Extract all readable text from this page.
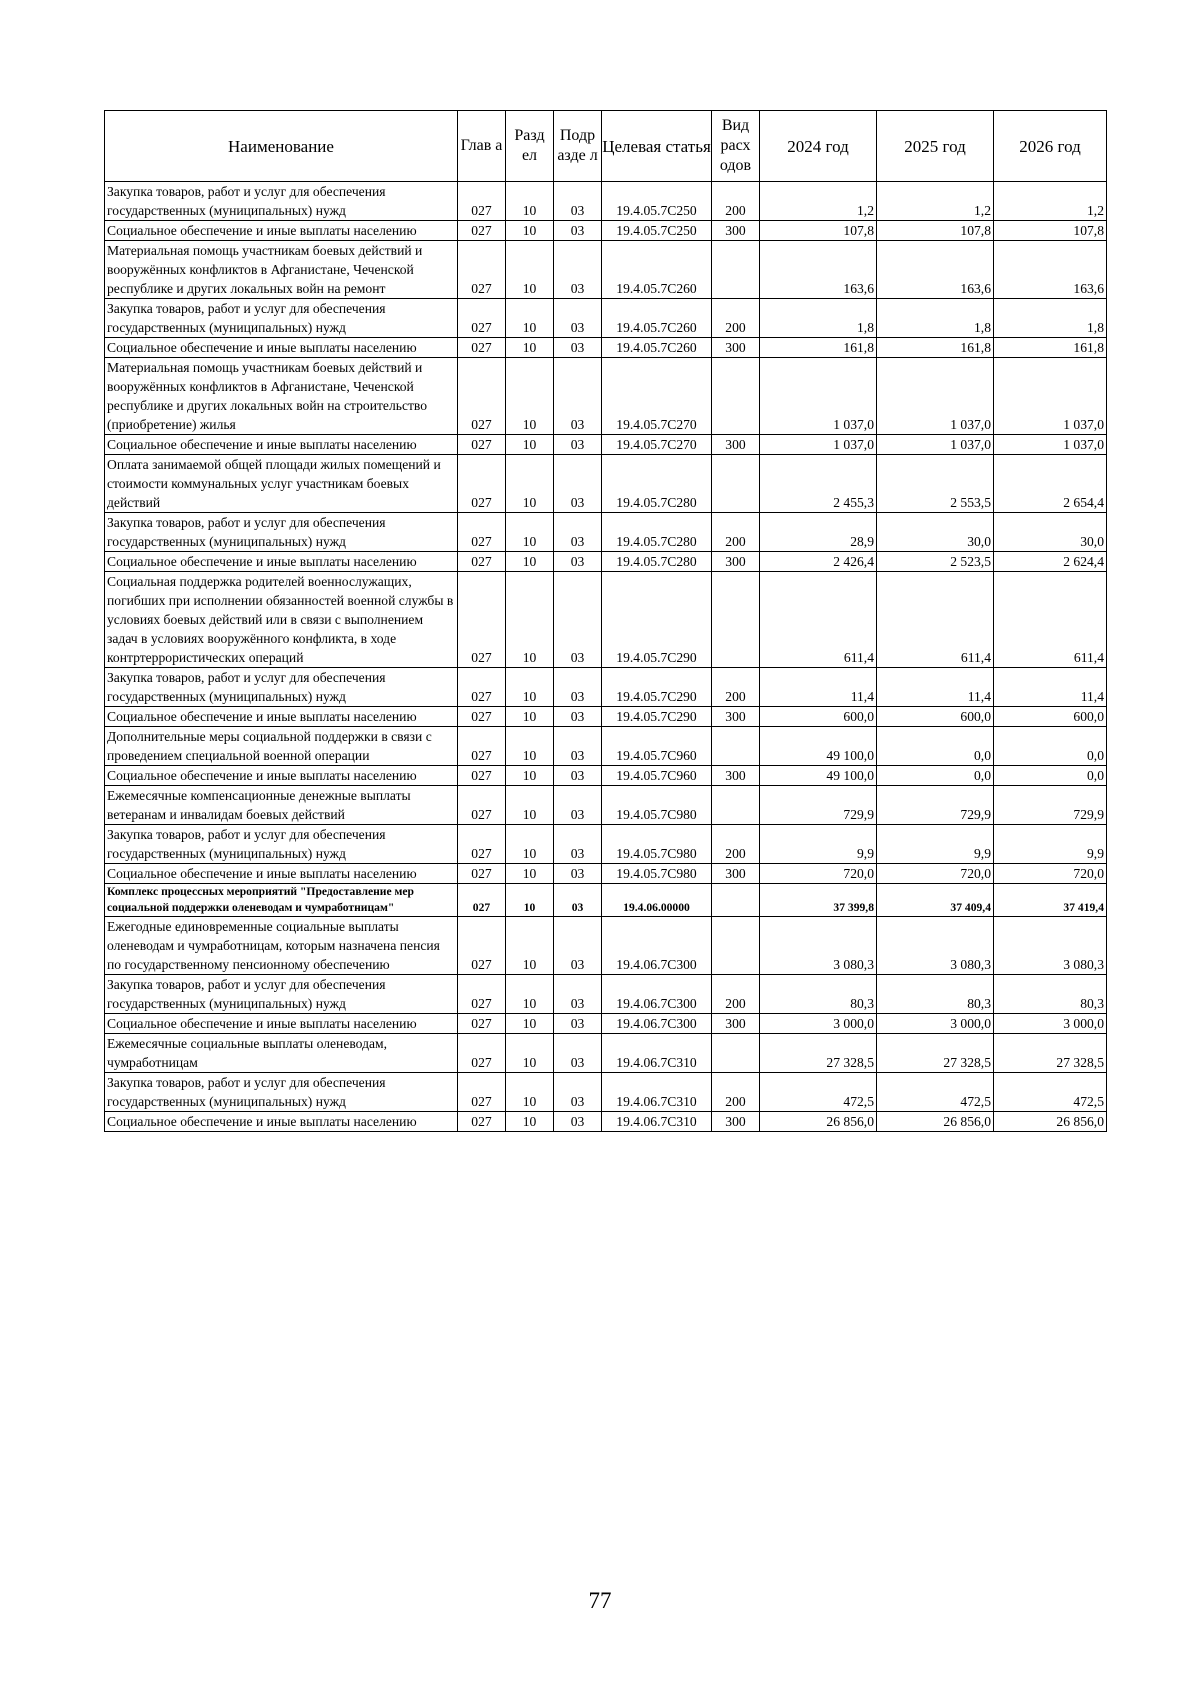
Наименование	Глав а	Разд ел	Подр азде л	Целевая статья	Вид расх одов	2024 год	2025 год	2026 год
Закупка товаров, работ и услуг для обеспечения государственных (муниципальных) нужд	027	10	03	19.4.05.7C250	200	1,2	1,2	1,2
Социальное обеспечение и иные выплаты населению	027	10	03	19.4.05.7C250	300	107,8	107,8	107,8
Материальная помощь участникам боевых действий и вооружённых конфликтов в Афганистане, Чеченской республике и других локальных войн на ремонт	027	10	03	19.4.05.7C260		163,6	163,6	163,6
Закупка товаров, работ и услуг для обеспечения государственных (муниципальных) нужд	027	10	03	19.4.05.7C260	200	1,8	1,8	1,8
Социальное обеспечение и иные выплаты населению	027	10	03	19.4.05.7C260	300	161,8	161,8	161,8
Материальная помощь участникам боевых действий и вооружённых конфликтов в Афганистане, Чеченской республике и других локальных войн на строительство (приобретение) жилья	027	10	03	19.4.05.7C270		1 037,0	1 037,0	1 037,0
Социальное обеспечение и иные выплаты населению	027	10	03	19.4.05.7C270	300	1 037,0	1 037,0	1 037,0
Оплата занимаемой общей площади жилых помещений и стоимости коммунальных услуг участникам боевых действий	027	10	03	19.4.05.7C280		2 455,3	2 553,5	2 654,4
Закупка товаров, работ и услуг для обеспечения государственных (муниципальных) нужд	027	10	03	19.4.05.7C280	200	28,9	30,0	30,0
Социальное обеспечение и иные выплаты населению	027	10	03	19.4.05.7C280	300	2 426,4	2 523,5	2 624,4
Социальная поддержка родителей военнослужащих, погибших при исполнении обязанностей военной службы в условиях боевых действий или в связи с выполнением задач в условиях вооружённого конфликта, в ходе контртеррористических операций	027	10	03	19.4.05.7C290		611,4	611,4	611,4
Закупка товаров, работ и услуг для обеспечения государственных (муниципальных) нужд	027	10	03	19.4.05.7C290	200	11,4	11,4	11,4
Социальное обеспечение и иные выплаты населению	027	10	03	19.4.05.7C290	300	600,0	600,0	600,0
Дополнительные меры социальной поддержки в связи с проведением специальной военной операции	027	10	03	19.4.05.7C960		49 100,0	0,0	0,0
Социальное обеспечение и иные выплаты населению	027	10	03	19.4.05.7C960	300	49 100,0	0,0	0,0
Ежемесячные компенсационные денежные выплаты ветеранам и инвалидам боевых действий	027	10	03	19.4.05.7C980		729,9	729,9	729,9
Закупка товаров, работ и услуг для обеспечения государственных (муниципальных) нужд	027	10	03	19.4.05.7C980	200	9,9	9,9	9,9
Социальное обеспечение и иные выплаты населению	027	10	03	19.4.05.7C980	300	720,0	720,0	720,0
Комплекс процессных мероприятий "Предоставление мер социальной поддержки оленеводам и чумработницам"	027	10	03	19.4.06.00000		37 399,8	37 409,4	37 419,4
Ежегодные единовременные социальные выплаты оленеводам и чумработницам, которым назначена пенсия по государственному пенсионному обеспечению	027	10	03	19.4.06.7C300		3 080,3	3 080,3	3 080,3
Закупка товаров, работ и услуг для обеспечения государственных (муниципальных) нужд	027	10	03	19.4.06.7C300	200	80,3	80,3	80,3
Социальное обеспечение и иные выплаты населению	027	10	03	19.4.06.7C300	300	3 000,0	3 000,0	3 000,0
Ежемесячные социальные выплаты оленеводам, чумработницам	027	10	03	19.4.06.7C310		27 328,5	27 328,5	27 328,5
Закупка товаров, работ и услуг для обеспечения государственных (муниципальных) нужд	027	10	03	19.4.06.7C310	200	472,5	472,5	472,5
Социальное обеспечение и иные выплаты населению	027	10	03	19.4.06.7C310	300	26 856,0	26 856,0	26 856,0
77
